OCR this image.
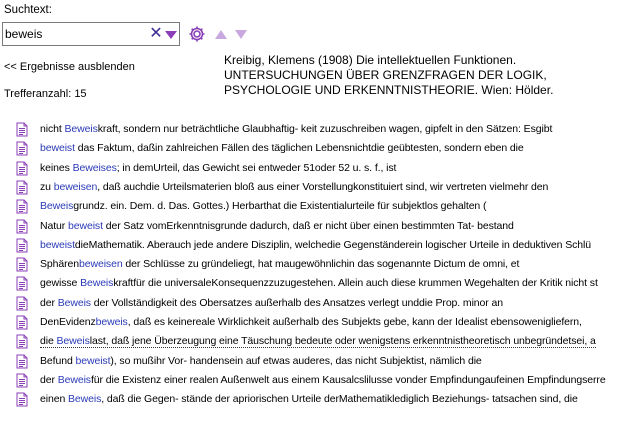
Suchtext:
beweis
✕
<< Ergebnisse ausblenden
Trefferanzahl: 15
Kreibig, Klemens (1908) Die intellektuellen Funktionen.
UNTERSUCHUNGEN ÜBER GRENZFRAGEN DER LOGIK,
PSYCHOLOGIE UND ERKENNTNISTHEORIE. Wien: Hölder.
nicht Beweiskraft, sondern nur beträchtliche Glaubhaftig- keit zuzuschreiben wagen, gipfelt in den Sätzen: Esgibt
beweist das Faktum, daßin zahlreichen Fällen des täglichen Lebensnichtdie geübtesten, sondern eben die
keines Beweises; in demUrteil, das Gewicht sei entweder 51oder 52 u. s. f., ist
zu beweisen, daß auchdie Urteilsmaterien bloß aus einer Vorstellungkonstituiert sind, wir vertreten vielmehr den
Beweisgrundz. ein. Dem. d. Das. Gottes.) Herbarthat die Existentialurteile für subjektlos gehalten (
Natur beweist der Satz vomErkenntnisgrunde dadurch, daß er nicht über einen bestimmten Tat- bestand
beweistdieMathematik. Aberauch jede andere Disziplin, welchedie Gegenständerein logischer Urteile in deduktiven Schlü
Sphärenbeweisen der Schlüsse zu gründeliegt, hat maugewöhnlichin das sogenannte Dictum de omni, et
gewisse Beweiskraftfür die universaleKonsequenzzuzugestehen. Allein auch diese krummen Wegehalten der Kritik nicht st
der Beweis der Vollständigkeit des Obersatzes außerhalb des Ansatzes verlegt unddie Prop. minor an
DenEvidenzbeweis, daß es keinereale Wirklichkeit außerhalb des Subjekts gebe, kann der Idealist ebensowenigliefern,
die Beweislast, daß jene Überzeugung eine Täuschung bedeute oder wenigstens erkenntnistheoretisch unbegründetsei, a
Befund beweist), so mußihr Vor- handensein auf etwas auderes, das nicht Subjektist, nämlich die
der Beweisfür die Existenz einer realen Außenwelt aus einem Kausalcslilusse vonder Empfindungaufeinen Empfindungserre
einen Beweis, daß die Gegen- stände der apriorischen Urteile derMathematiklediglich Beziehungs- tatsachen sind, die
